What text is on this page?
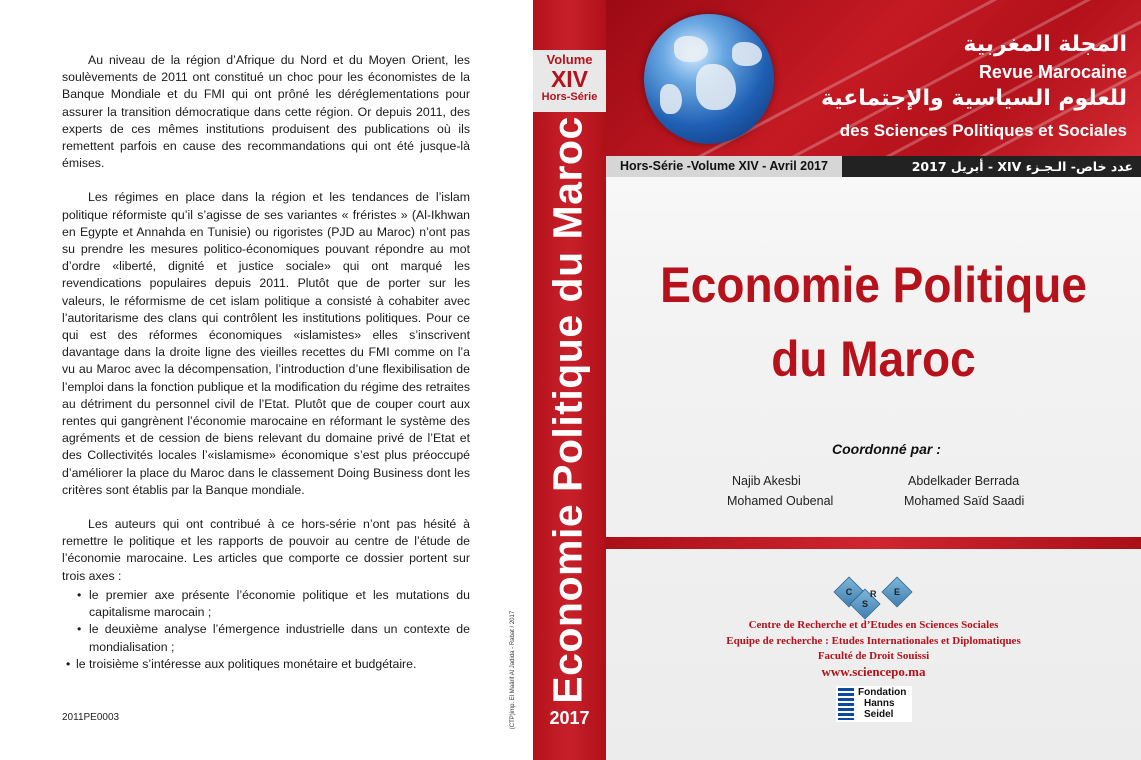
Au niveau de la région d’Afrique du Nord et du Moyen Orient, les soulèvements de 2011 ont constitué un choc pour les économistes de la Banque Mondiale et du FMI qui ont prôné les déréglementations pour assurer la transition démocratique dans cette région. Or depuis 2011, des experts de ces mêmes institutions produisent des publications où ils remettent parfois en cause des recommandations qui ont été jusque-là émises.

Les régimes en place dans la région et les tendances de l’islam politique réformiste qu’il s’agisse de ses variantes « fréristes » (Al-Ikhwan en Egypte et Annahda en Tunisie) ou rigoristes (PJD au Maroc) n’ont pas su prendre les mesures politico-économiques pouvant répondre au mot d’ordre «liberté, dignité et justice sociale» qui ont marqué les revendications populaires depuis 2011. Plutôt que de porter sur les valeurs, le réformisme de cet islam politique a consisté à cohabiter avec l’autoritarisme des clans qui contrôlent les institutions politiques. Pour ce qui est des réformes économiques «islamistes» elles s’inscrivent davantage dans la droite ligne des vieilles recettes du FMI comme on l’a vu au Maroc avec la décompensation, l’introduction d’une flexibilisation de l’emploi dans la fonction publique et la modification du régime des retraites au détriment du personnel civil de l’Etat. Plutôt que de couper court aux rentes qui gangrènent l’économie marocaine en réformant le système des agréments et de cession de biens relevant du domaine privé de l’Etat et des Collectivités locales l’«islamisme» économique s’est plus préoccupé d’améliorer la place du Maroc dans le classement Doing Business dont les critères sont établis par la Banque mondiale.

Les auteurs qui ont contribué à ce hors-série n’ont pas hésité à remettre le politique et les rapports de pouvoir au centre de l’étude de l’économie marocaine. Les articles que comporte ce dossier portent sur trois axes :

• le premier axe présente l’économie politique et les mutations du capitalisme marocain ;
• le deuxième analyse l’émergence industrielle dans un contexte de mondialisation ;
• le troisième s’intéresse aux politiques monétaire et budgétaire.
2011PE0003	(CTP)imp. El Maârif Al Jadida - Rabat / 2017
Volume
XIV
Hors-Série
Economie Politique du Maroc
2017
المجلة المغربية
Revue Marocaine
للعلوم السياسية والإجتماعية
des Sciences Politiques et Sociales
Hors-Série -Volume XIV - Avril 2017	عدد خاص- الـجـزء XIV - أبريل 2017
Economie Politique
du Maroc
Coordonné par :
Najib Akesbi	Abdelkader Berrada
Mohamed Oubenal	Mohamed Saïd Saadi
C
S
R	E
Centre de Recherche et d’Etudes en Sciences Sociales
Equipe de recherche : Etudes Internationales et Diplomatiques
Faculté de Droit Souissi
www.sciencepo.ma
Fondation
Hanns
Seidel
